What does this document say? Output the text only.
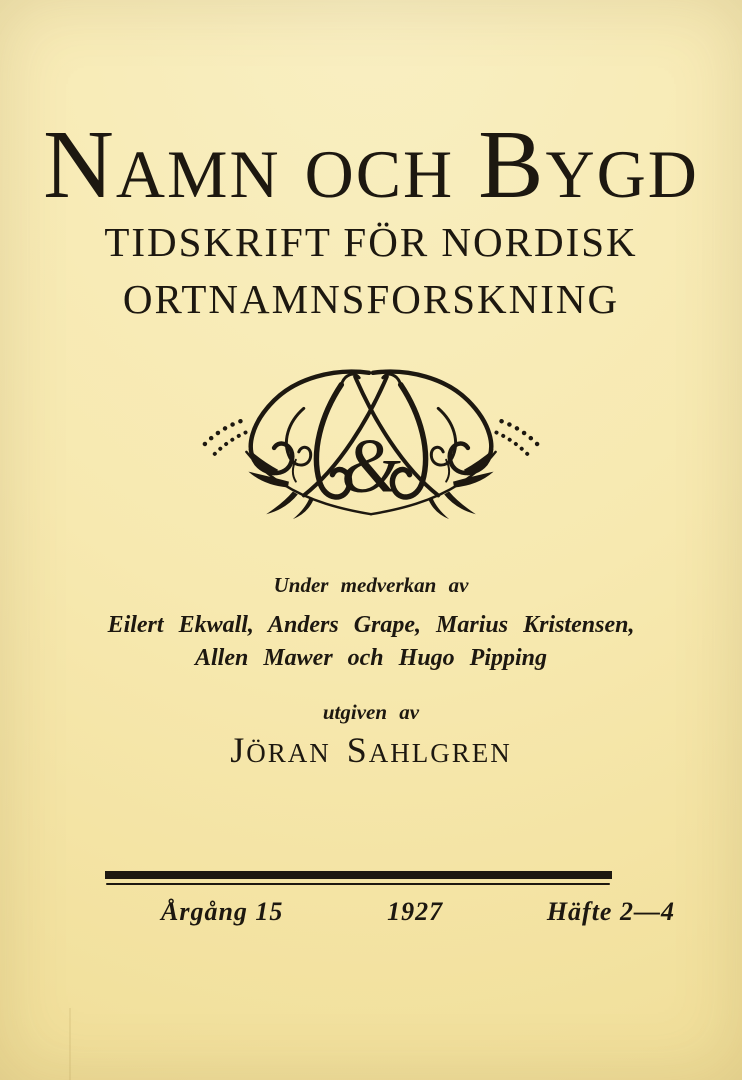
NAMN OCH BYGD
TIDSKRIFT FÖR NORDISK
ORTNAMNSFORSKNING
&
Under medverkan av
Eilert Ekwall, Anders Grape, Marius Kristensen,
Allen Mawer och Hugo Pipping
utgiven av
JÖRAN SAHLGREN
Årgång 15	1927	Häfte 2—4
